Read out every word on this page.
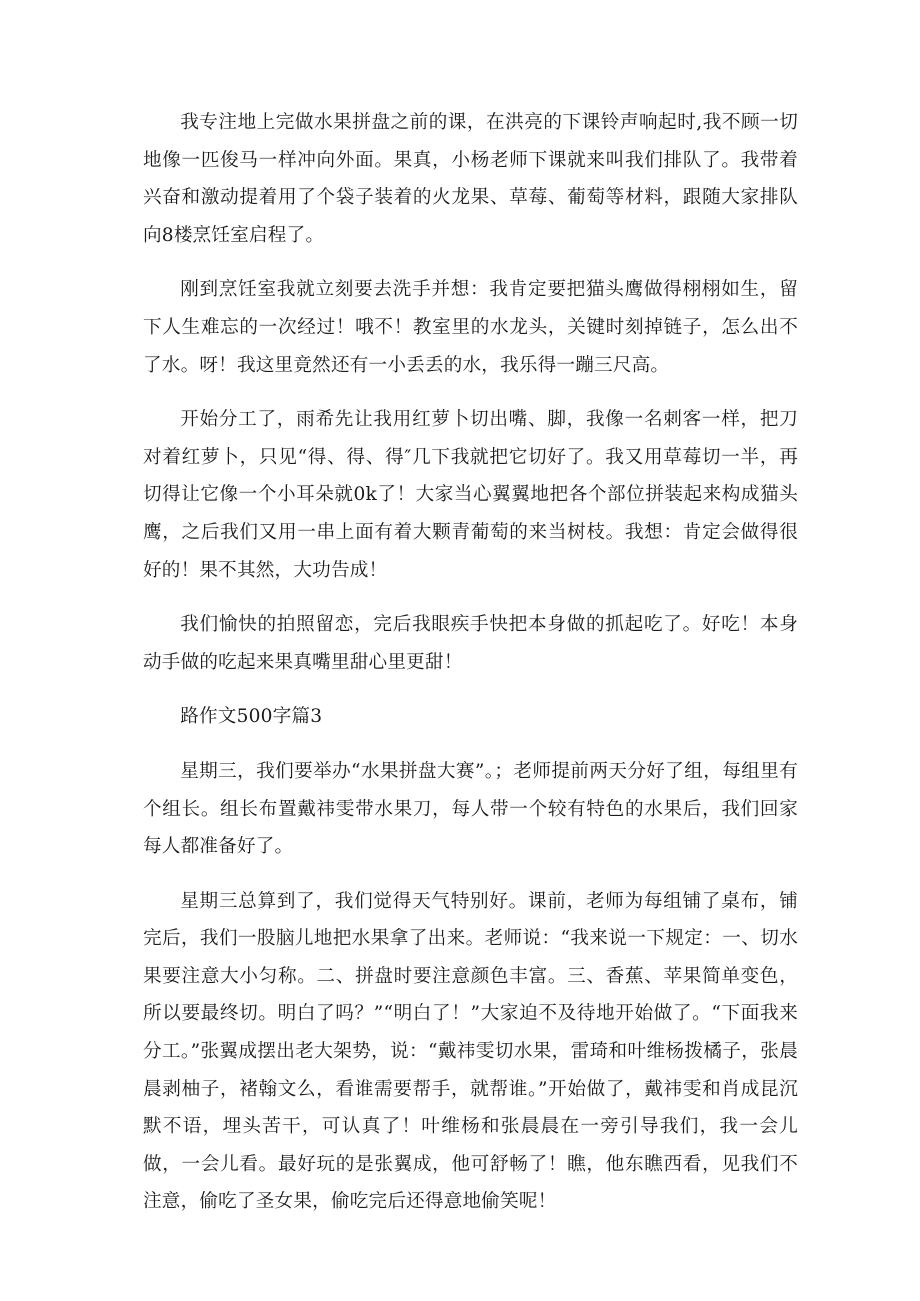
我专注地上完做水果拼盘之前的课，在洪亮的下课铃声响起时,我不顾一切地像一匹俊马一样冲向外面。果真，小杨老师下课就来叫我们排队了。我带着兴奋和激动提着用了个袋子装着的火龙果、草莓、葡萄等材料，跟随大家排队向8楼烹饪室启程了。

刚到烹饪室我就立刻要去洗手并想：我肯定要把猫头鹰做得栩栩如生，留下人生难忘的一次经过！哦不！教室里的水龙头，关键时刻掉链子，怎么出不了水。呀！我这里竟然还有一小丢丢的水，我乐得一蹦三尺高。

开始分工了，雨希先让我用红萝卜切出嘴、脚，我像一名刺客一样，把刀对着红萝卜，只见“得、得、得″几下我就把它切好了。我又用草莓切一半，再切得让它像一个小耳朵就0k了！大家当心翼翼地把各个部位拼装起来构成猫头鹰，之后我们又用一串上面有着大颗青葡萄的来当树枝。我想：肯定会做得很好的！果不其然，大功告成！

我们愉快的拍照留恋，完后我眼疾手快把本身做的抓起吃了。好吃！本身动手做的吃起来果真嘴里甜心里更甜！

路作文500字篇3

星期三，我们要举办“水果拼盘大赛”。；老师提前两天分好了组，每组里有个组长。组长布置戴祎雯带水果刀，每人带一个较有特色的水果后，我们回家每人都准备好了。

星期三总算到了，我们觉得天气特别好。课前，老师为每组铺了桌布，铺完后，我们一股脑儿地把水果拿了出来。老师说：“我来说一下规定：一、切水果要注意大小匀称。二、拼盘时要注意颜色丰富。三、香蕉、苹果简单变色，所以要最终切。明白了吗？”“明白了！”大家迫不及待地开始做了。“下面我来分工。”张翼成摆出老大架势，说：“戴祎雯切水果，雷琦和叶维杨拨橘子，张晨晨剥柚子，褚翰文么，看谁需要帮手，就帮谁。”开始做了，戴祎雯和肖成昆沉默不语，埋头苦干，可认真了！叶维杨和张晨晨在一旁引导我们，我一会儿做，一会儿看。最好玩的是张翼成，他可舒畅了！瞧，他东瞧西看，见我们不注意，偷吃了圣女果，偷吃完后还得意地偷笑呢！
